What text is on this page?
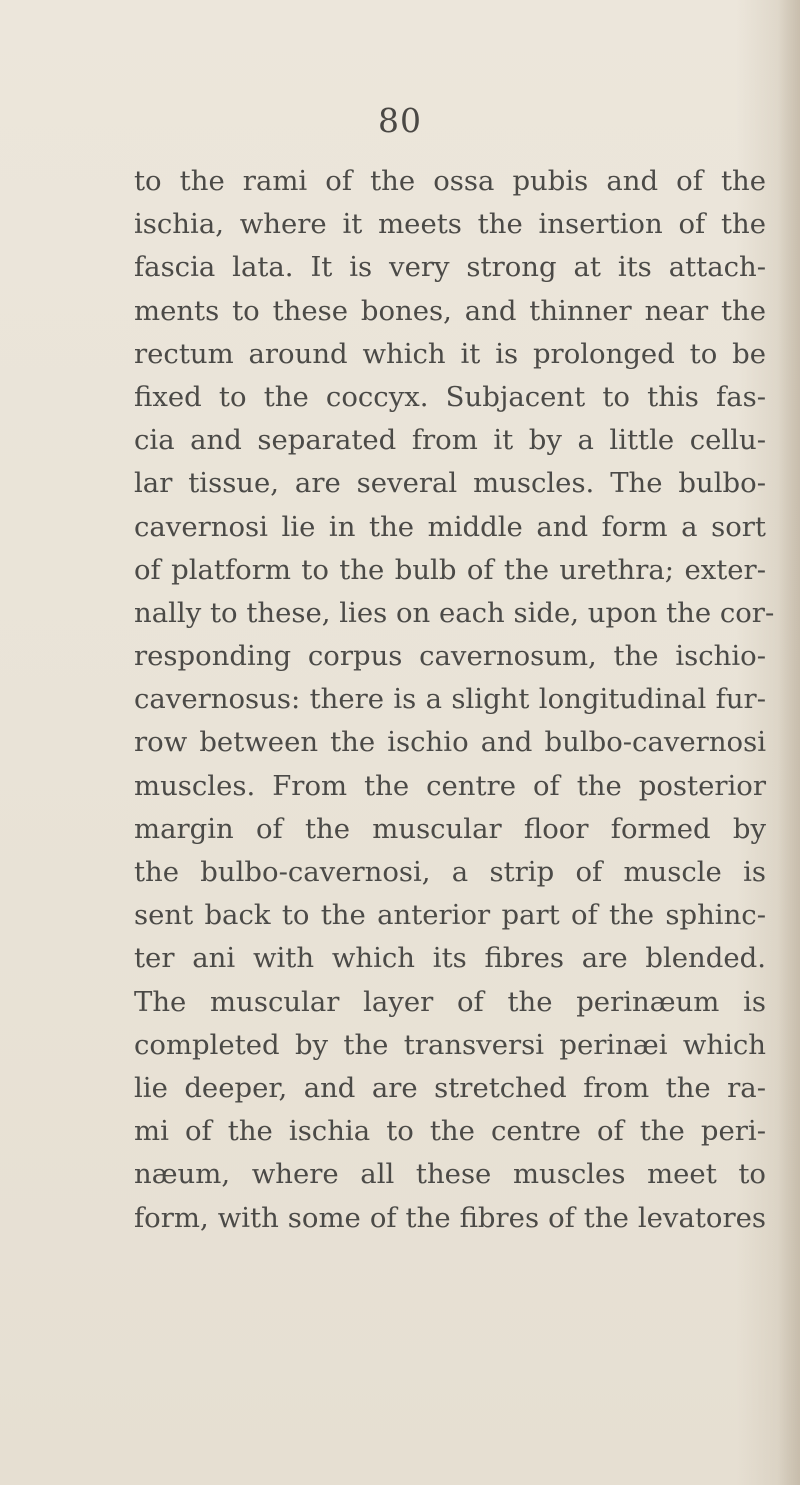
80
to the rami of the ossa pubis and of the
ischia, where it meets the insertion of the
fascia lata. It is very strong at its attach-
ments to these bones, and thinner near the
rectum around which it is prolonged to be
fixed to the coccyx. Subjacent to this fas-
cia and separated from it by a little cellu-
lar tissue, are several muscles. The bulbo-
cavernosi lie in the middle and form a sort
of platform to the bulb of the urethra; exter-
nally to these, lies on each side, upon the cor-
responding corpus cavernosum, the ischio-
cavernosus: there is a slight longitudinal fur-
row between the ischio and bulbo-cavernosi
muscles. From the centre of the posterior
margin of the muscular floor formed by
the bulbo-cavernosi, a strip of muscle is
sent back to the anterior part of the sphinc-
ter ani with which its fibres are blended.
The muscular layer of the perinæum is
completed by the transversi perinæi which
lie deeper, and are stretched from the ra-
mi of the ischia to the centre of the peri-
næum, where all these muscles meet to
form, with some of the fibres of the levatores
